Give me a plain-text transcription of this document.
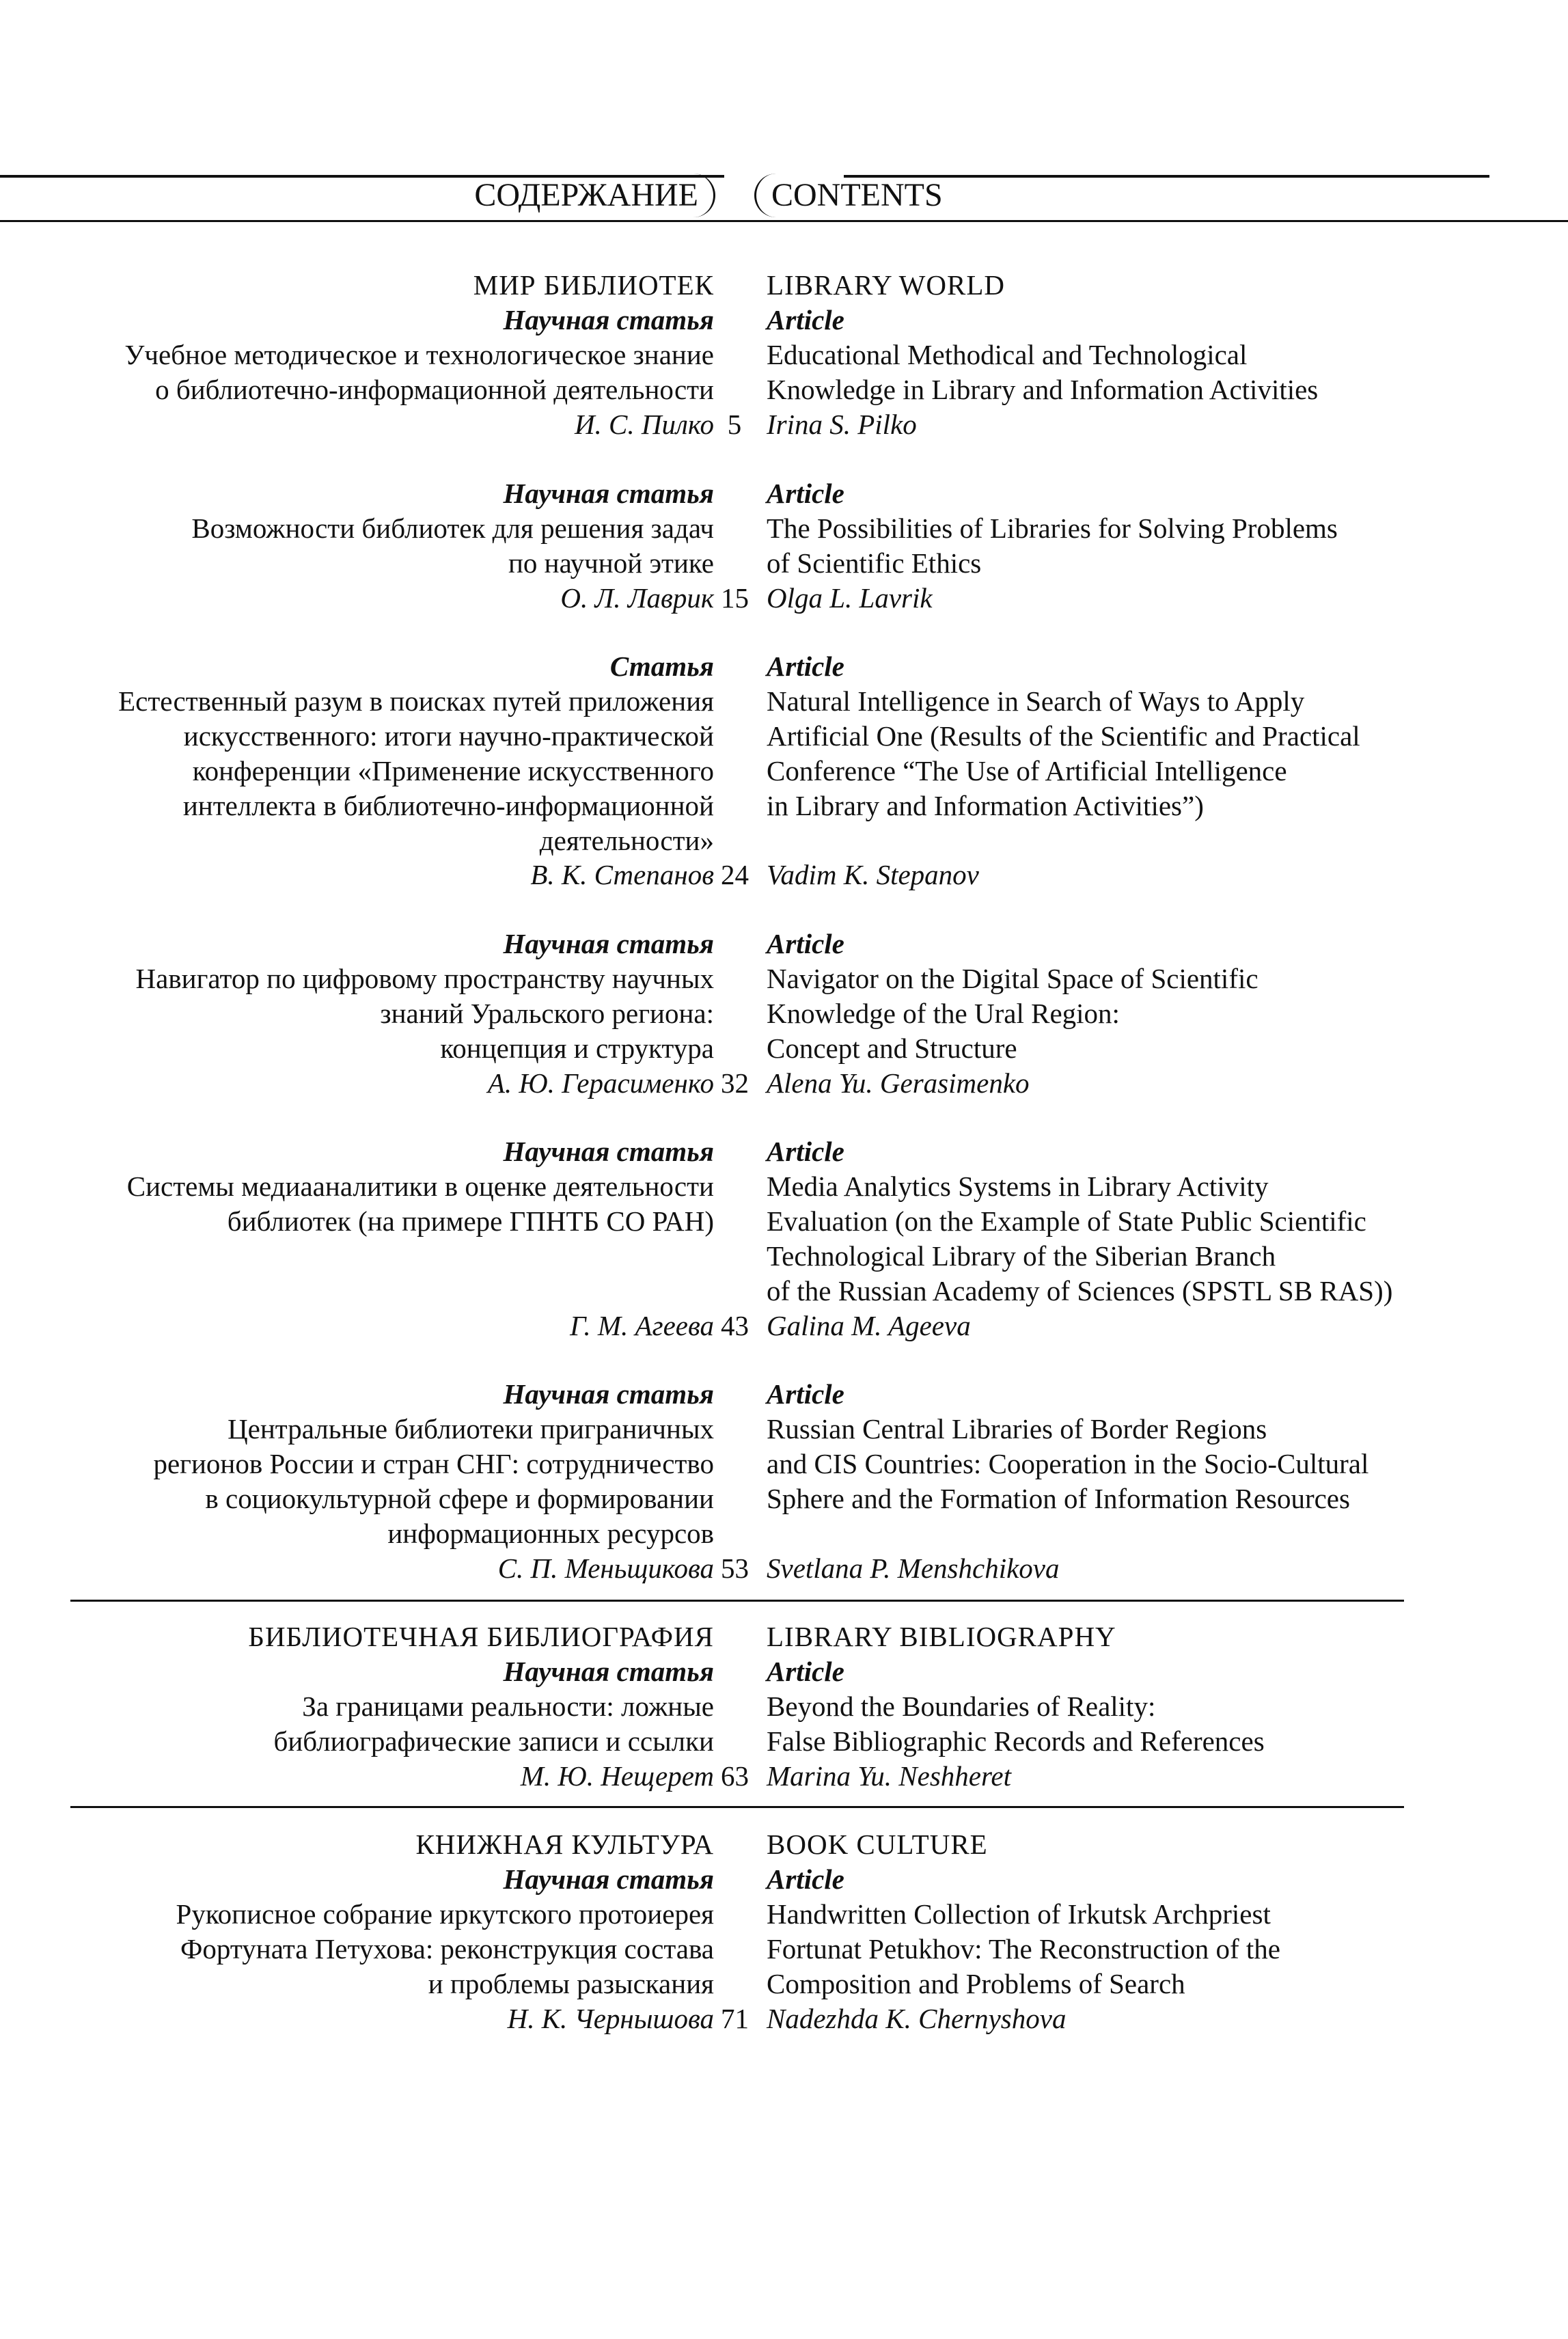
СОДЕРЖАНИЕ	CONTENTS
МИР БИБЛИОТЕК LIBRARY WORLD
Научная статья Article
Учебное методическое и технологическое знание
о библиотечно-информационной деятельности
Educational Methodical and Technological
Knowledge in Library and Information Activities
И. С. Пилко 5 Irina S. Pilko
Научная статья Article
Возможности библиотек для решения задач
по научной этике
The Possibilities of Libraries for Solving Problems
of Scientific Ethics
О. Л. Лаврик 15 Olga L. Lavrik
Статья Article
Естественный разум в поисках путей приложения
искусственного: итоги научно-практической
конференции «Применение искусственного
интеллекта в библиотечно-информационной
деятельности»
Natural Intelligence in Search of Ways to Apply
Artificial One (Results of the Scientific and Practical
Conference “The Use of Artificial Intelligence
in Library and Information Activities”)
В. К. Степанов 24 Vadim K. Stepanov
Научная статья Article
Навигатор по цифровому пространству научных
знаний Уральского региона:
концепция и структура
Navigator on the Digital Space of Scientific
Knowledge of the Ural Region:
Concept and Structure
А. Ю. Герасименко 32 Alena Yu. Gerasimenko
Научная статья Article
Системы медиааналитики в оценке деятельности
библиотек (на примере ГПНТБ СО РАН)
Media Analytics Systems in Library Activity
Evaluation (on the Example of State Public Scientific
Technological Library of the Siberian Branch
of the Russian Academy of Sciences (SPSTL SB RAS))
Г. М. Агеева 43 Galina M. Ageeva
Научная статья Article
Центральные библиотеки приграничных
регионов России и стран СНГ: сотрудничество
в социокультурной сфере и формировании
информационных ресурсов
Russian Central Libraries of Border Regions
and CIS Countries: Cooperation in the Socio-Cultural
Sphere and the Formation of Information Resources
С. П. Меньщикова 53 Svetlana P. Menshchikova
БИБЛИОТЕЧНАЯ БИБЛИОГРАФИЯ LIBRARY BIBLIOGRAPHY
Научная статья Article
За границами реальности: ложные
библиографические записи и ссылки
Beyond the Boundaries of Reality:
False Bibliographic Records and References
М. Ю. Нещерет 63 Marina Yu. Neshheret
КНИЖНАЯ КУЛЬТУРА BOOK CULTURE
Научная статья Article
Рукописное собрание иркутского протоиерея
Фортуната Петухова: реконструкция состава
и проблемы разыскания
Handwritten Collection of Irkutsk Archpriest
Fortunat Petukhov: The Reconstruction of the
Composition and Problems of Search
Н. К. Чернышова 71 Nadezhda K. Chernyshova
